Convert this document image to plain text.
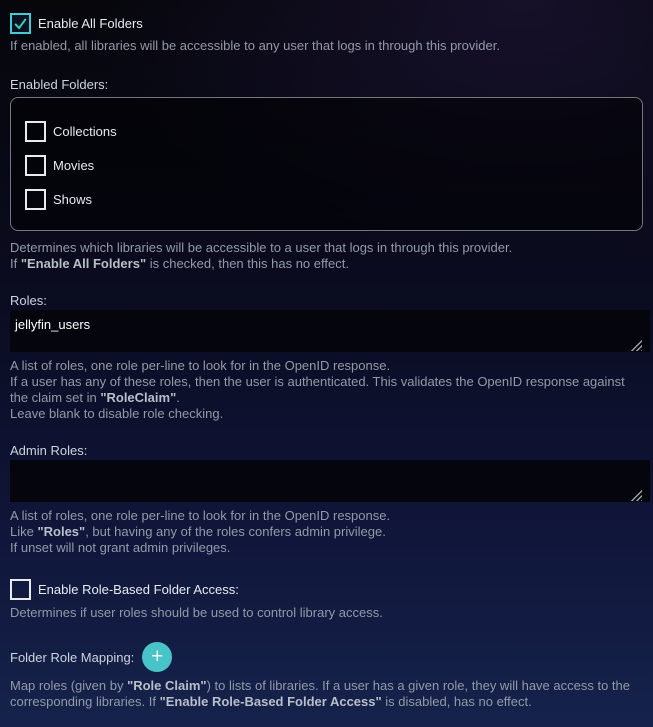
Enable All Folders
If enabled, all libraries will be accessible to any user that logs in through this provider.
Enabled Folders:
Collections
Movies
Shows
Determines which libraries will be accessible to a user that logs in through this provider.
If "Enable All Folders" is checked, then this has no effect.
Roles:
jellyfin_users
A list of roles, one role per-line to look for in the OpenID response.
If a user has any of these roles, then the user is authenticated. This validates the OpenID response against the claim set in "RoleClaim".
Leave blank to disable role checking.
Admin Roles:
A list of roles, one role per-line to look for in the OpenID response.
Like "Roles", but having any of the roles confers admin privilege.
If unset will not grant admin privileges.
Enable Role-Based Folder Access:
Determines if user roles should be used to control library access.
Folder Role Mapping: +
Map roles (given by "Role Claim") to lists of libraries. If a user has a given role, they will have access to the corresponding libraries. If "Enable Role-Based Folder Access" is disabled, has no effect.
